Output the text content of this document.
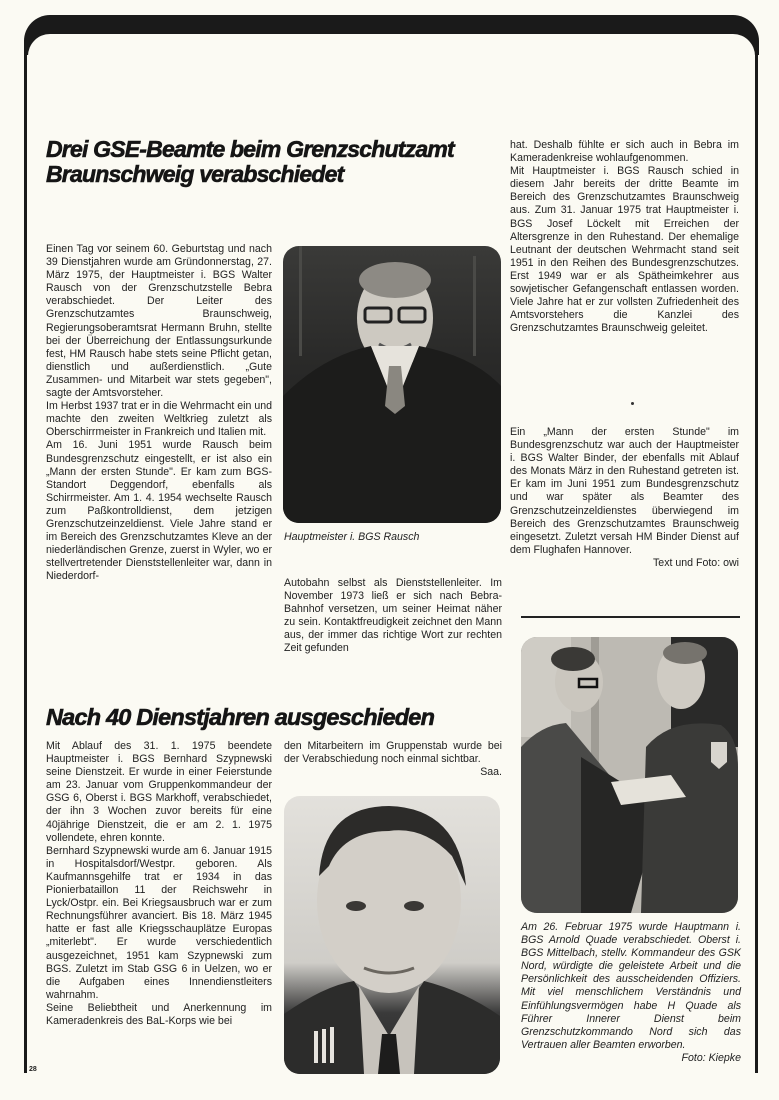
Drei GSE-Beamte beim Grenzschutzamt Braunschweig verabschiedet

Einen Tag vor seinem 60. Geburtstag und nach 39 Dienstjahren wurde am Gründonnerstag, 27. März 1975, der Hauptmeister i. BGS Walter Rausch von der Grenzschutzstelle Bebra verabschiedet. Der Leiter des Grenzschutzamtes Braunschweig, Regierungsoberamtsrat Hermann Bruhn, stellte bei der Überreichung der Entlassungsurkunde fest, HM Rausch habe stets seine Pflicht getan, dienstlich und außerdienstlich. „Gute Zusammen- und Mitarbeit war stets gegeben", sagte der Amtsvorsteher.

Im Herbst 1937 trat er in die Wehrmacht ein und machte den zweiten Weltkrieg zuletzt als Oberschirrmeister in Frankreich und Italien mit.

Am 16. Juni 1951 wurde Rausch beim Bundesgrenzschutz eingestellt, er ist also ein „Mann der ersten Stunde". Er kam zum BGS-Standort Deggendorf, ebenfalls als Schirrmeister. Am 1. 4. 1954 wechselte Rausch zum Paßkontrolldienst, dem jetzigen Grenzschutzeinzeldienst. Viele Jahre stand er im Bereich des Grenzschutzamtes Kleve an der niederländischen Grenze, zuerst in Wyler, wo er stellvertretender Dienststellenleiter war, dann in Niederdorf-

Hauptmeister i. BGS Rausch

Autobahn selbst als Dienststellenleiter. Im November 1973 ließ er sich nach Bebra-Bahnhof versetzen, um seiner Heimat näher zu sein. Kontaktfreudigkeit zeichnet den Mann aus, der immer das richtige Wort zur rechten Zeit gefunden

hat. Deshalb fühlte er sich auch in Bebra im Kameradenkreise wohlaufgenommen.

Mit Hauptmeister i. BGS Rausch schied in diesem Jahr bereits der dritte Beamte im Bereich des Grenzschutzamtes Braunschweig aus. Zum 31. Januar 1975 trat Hauptmeister i. BGS Josef Löckelt mit Erreichen der Altersgrenze in den Ruhestand. Der ehemalige Leutnant der deutschen Wehrmacht stand seit 1951 in den Reihen des Bundesgrenzschutzes. Erst 1949 war er als Spätheimkehrer aus sowjetischer Gefangenschaft entlassen worden. Viele Jahre hat er zur vollsten Zufriedenheit des Amtsvorstehers die Kanzlei des Grenzschutzamtes Braunschweig geleitet.

Ein „Mann der ersten Stunde" im Bundesgrenzschutz war auch der Hauptmeister i. BGS Walter Binder, der ebenfalls mit Ablauf des Monats März in den Ruhestand getreten ist. Er kam im Juni 1951 zum Bundesgrenzschutz und war später als Beamter des Grenzschutzeinzeldienstes überwiegend im Bereich des Grenzschutzamtes Braunschweig eingesetzt. Zuletzt versah HM Binder Dienst auf dem Flughafen Hannover.

Text und Foto: owi

Am 26. Februar 1975 wurde Hauptmann i. BGS Arnold Quade verabschiedet. Oberst i. BGS Mittelbach, stellv. Kommandeur des GSK Nord, würdigte die geleistete Arbeit und die Persönlichkeit des ausscheidenden Offiziers. Mit viel menschlichem Verständnis und Einfühlungsvermögen habe H Quade als Führer Innerer Dienst beim Grenzschutzkommando Nord sich das Vertrauen aller Beamten erworben.
Foto: Kiepke
Nach 40 Dienstjahren ausgeschieden

Mit Ablauf des 31. 1. 1975 beendete Hauptmeister i. BGS Bernhard Szypnewski seine Dienstzeit. Er wurde in einer Feierstunde am 23. Januar vom Gruppenkommandeur der GSG 6, Oberst i. BGS Markhoff, verabschiedet, der ihn 3 Wochen zuvor bereits für eine 40jährige Dienstzeit, die er am 2. 1. 1975 vollendete, ehren konnte.

Bernhard Szypnewski wurde am 6. Januar 1915 in Hospitalsdorf/Westpr. geboren. Als Kaufmannsgehilfe trat er 1934 in das Pionierbataillon 11 der Reichswehr in Lyck/Ostpr. ein. Bei Kriegsausbruch war er zum Rechnungsführer avanciert. Bis 18. März 1945 hatte er fast alle Kriegsschauplätze Europas „miterlebt". Er wurde verschiedentlich ausgezeichnet, 1951 kam Szypnewski zum BGS. Zuletzt im Stab GSG 6 in Uelzen, wo er die Aufgaben eines Innendienstleiters wahrnahm.

Seine Beliebtheit und Anerkennung im Kameradenkreis des BaL-Korps wie bei

den Mitarbeitern im Gruppenstab wurde bei der Verabschiedung noch einmal sichtbar.
Saa.

28
